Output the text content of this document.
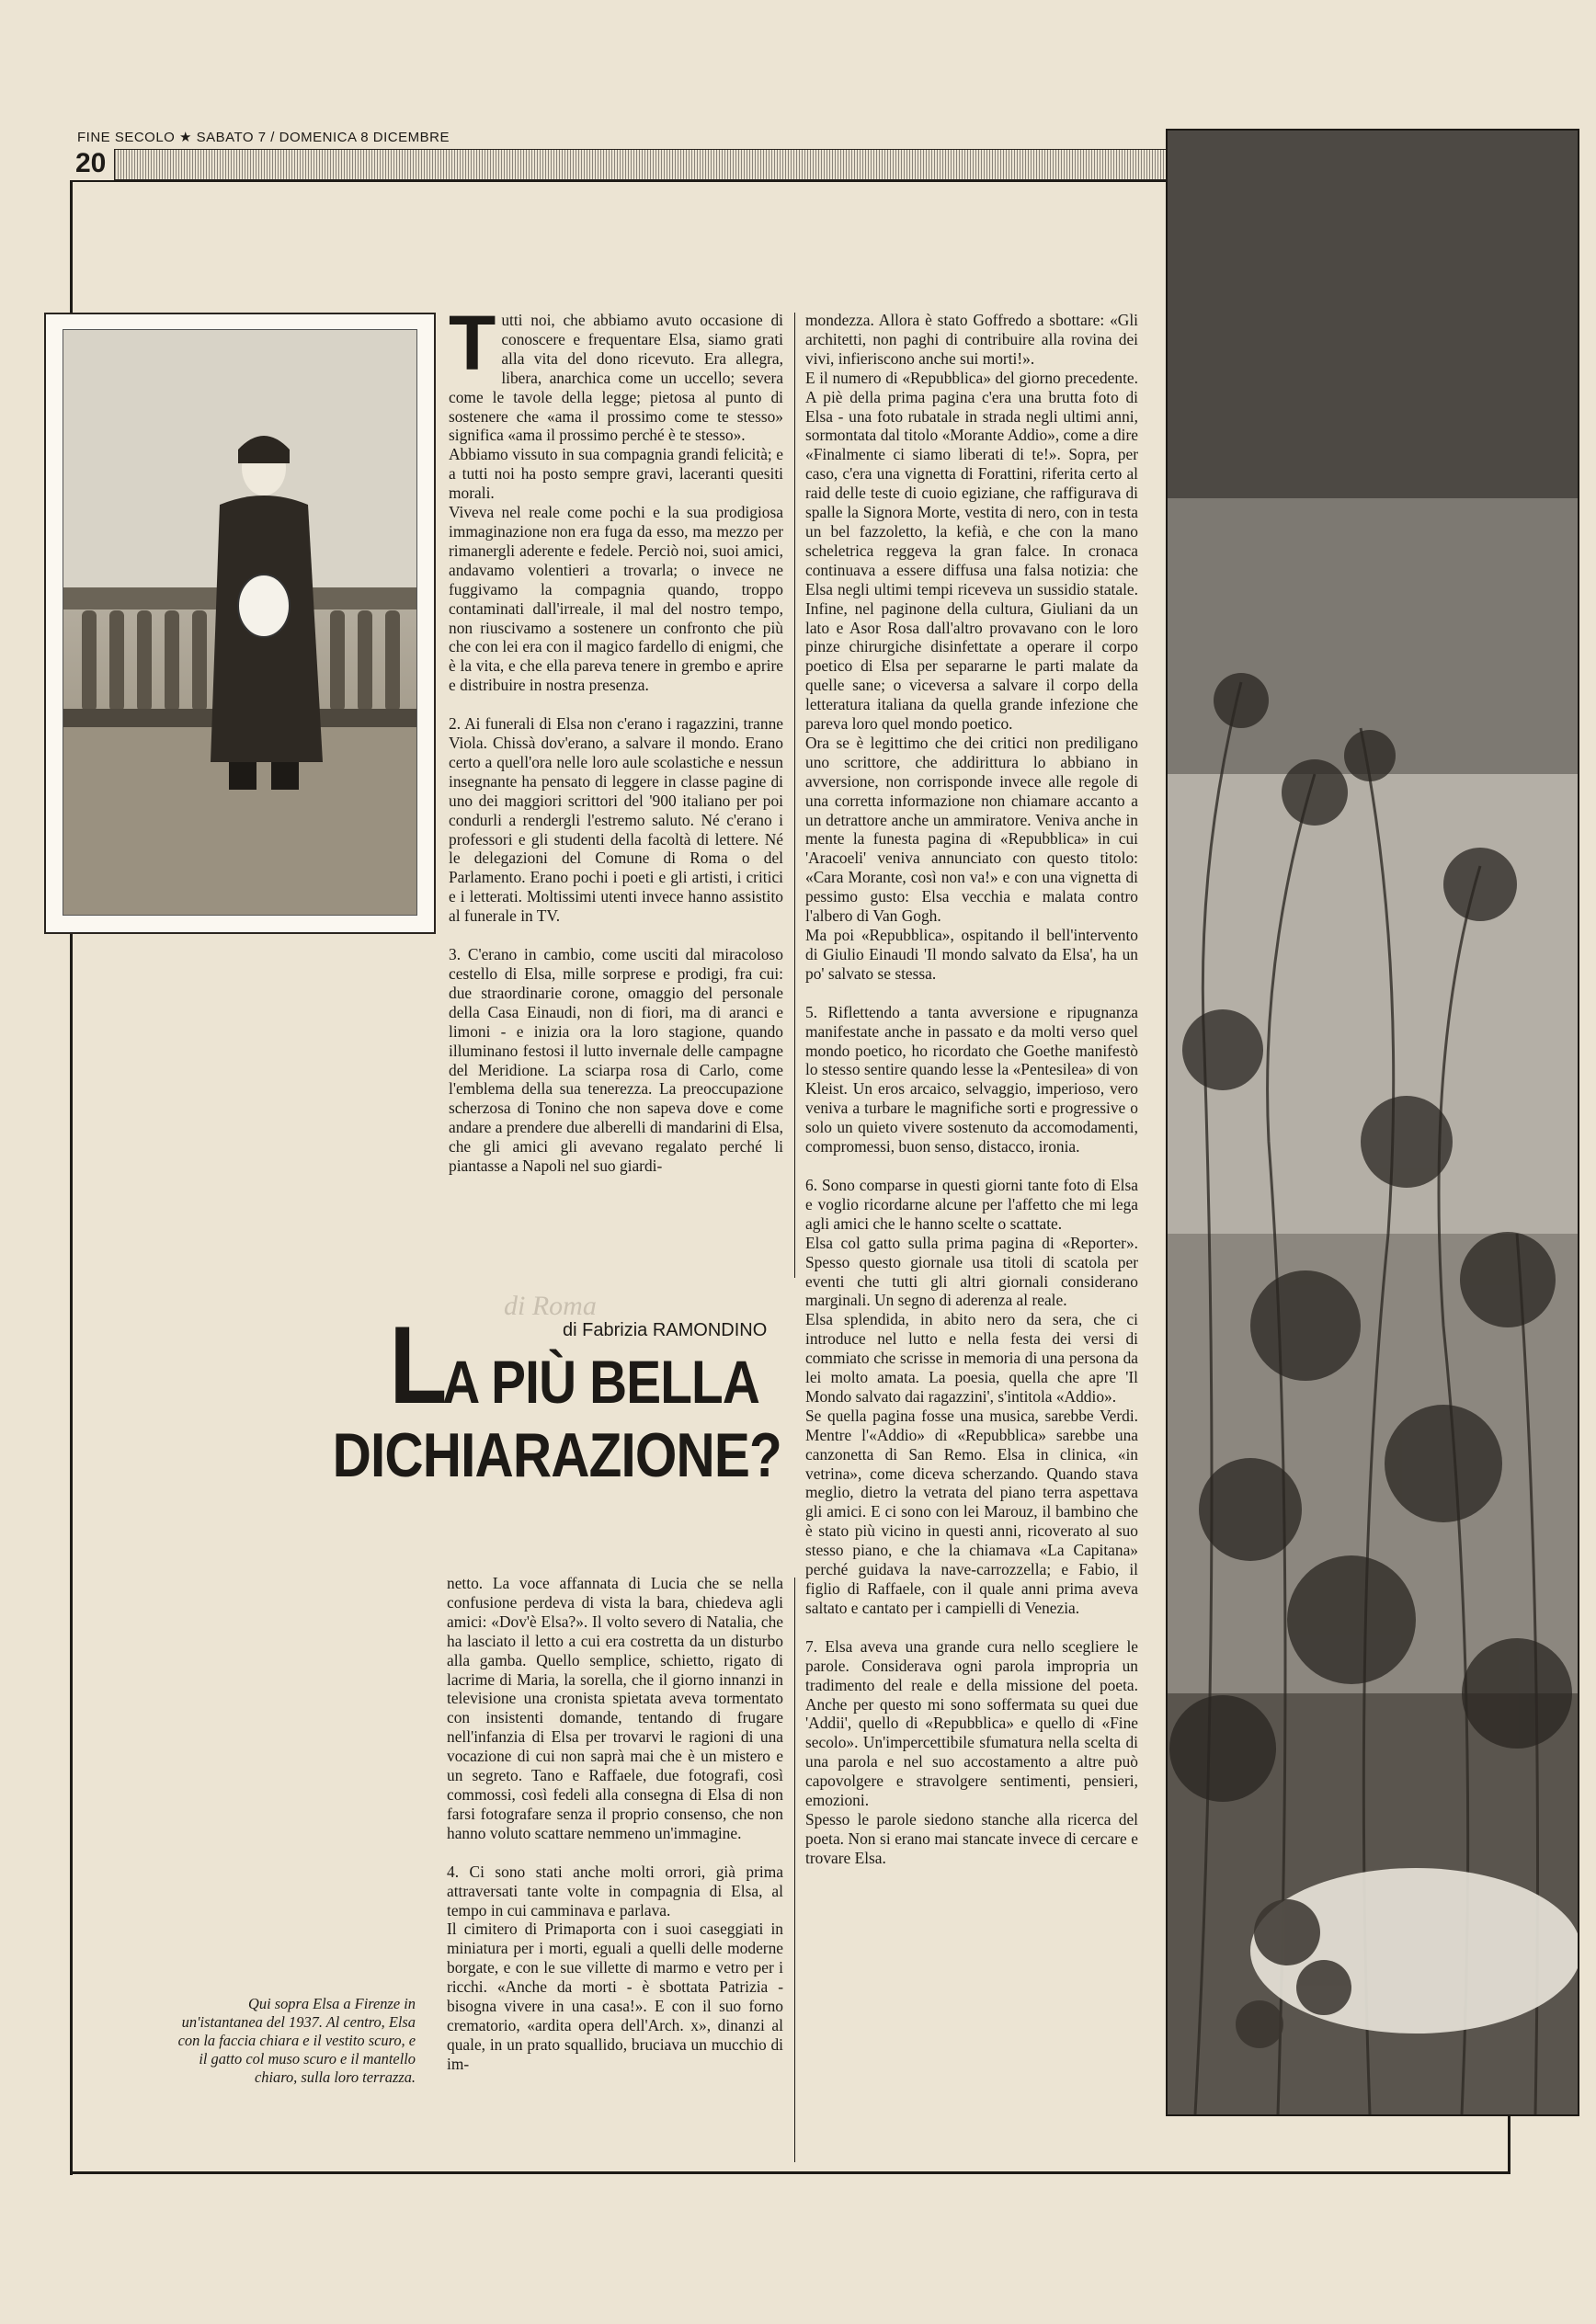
FINE SECOLO ★ SABATO 7 / DOMENICA 8 DICEMBRE
20

Tutti noi, che abbiamo avuto occasione di conoscere e frequentare Elsa, siamo grati alla vita del dono ricevuto. Era allegra, libera, anarchica come un uccello; severa come le tavole della legge; pietosa al punto di sostenere che «ama il prossimo come te stesso» significa «ama il prossimo perché è te stesso».

Abbiamo vissuto in sua compagnia grandi felicità; e a tutti noi ha posto sempre gravi, laceranti quesiti morali.

Viveva nel reale come pochi e la sua prodigiosa immaginazione non era fuga da esso, ma mezzo per rimanergli aderente e fedele. Perciò noi, suoi amici, andavamo volentieri a trovarla; o invece ne fuggivamo la compagnia quando, troppo contaminati dall'irreale, il mal del nostro tempo, non riuscivamo a sostenere un confronto che più che con lei era con il magico fardello di enigmi, che è la vita, e che ella pareva tenere in grembo e aprire e distribuire in nostra presenza.

2. Ai funerali di Elsa non c'erano i ragazzini, tranne Viola. Chissà dov'erano, a salvare il mondo. Erano certo a quell'ora nelle loro aule scolastiche e nessun insegnante ha pensato di leggere in classe pagine di uno dei maggiori scrittori del '900 italiano per poi condurli a rendergli l'estremo saluto. Né c'erano i professori e gli studenti della facoltà di lettere. Né le delegazioni del Comune di Roma o del Parlamento. Erano pochi i poeti e gli artisti, i critici e i letterati. Moltissimi utenti invece hanno assistito al funerale in TV.

3. C'erano in cambio, come usciti dal miracoloso cestello di Elsa, mille sorprese e prodigi, fra cui: due straordinarie corone, omaggio del personale della Casa Einaudi, non di fiori, ma di aranci e limoni - e inizia ora la loro stagione, quando illuminano festosi il lutto invernale delle campagne del Meridione. La sciarpa rosa di Carlo, come l'emblema della sua tenerezza. La preoccupazione scherzosa di Tonino che non sapeva dove e come andare a prendere due alberelli di mandarini di Elsa, che gli amici gli avevano regalato perché li piantasse a Napoli nel suo giardi-

di Roma
di Fabrizia RAMONDINO
LA PIÙ BELLA
DICHIARAZIONE?

netto. La voce affannata di Lucia che se nella confusione perdeva di vista la bara, chiedeva agli amici: «Dov'è Elsa?». Il volto severo di Natalia, che ha lasciato il letto a cui era costretta da un disturbo alla gamba. Quello semplice, schietto, rigato di lacrime di Maria, la sorella, che il giorno innanzi in televisione una cronista spietata aveva tormentato con insistenti domande, tentando di frugare nell'infanzia di Elsa per trovarvi le ragioni di una vocazione di cui non saprà mai che è un mistero e un segreto. Tano e Raffaele, due fotografi, così commossi, così fedeli alla consegna di Elsa di non farsi fotografare senza il proprio consenso, che non hanno voluto scattare nemmeno un'immagine.

4. Ci sono stati anche molti orrori, già prima attraversati tante volte in compagnia di Elsa, al tempo in cui camminava e parlava.

Il cimitero di Primaporta con i suoi caseggiati in miniatura per i morti, eguali a quelli delle moderne borgate, e con le sue villette di marmo e vetro per i ricchi. «Anche da morti - è sbottata Patrizia - bisogna vivere in una casa!». E con il suo forno crematorio, «ardita opera dell'Arch. x», dinanzi al quale, in un prato squallido, bruciava un mucchio di im-

mondezza. Allora è stato Goffredo a sbottare: «Gli architetti, non paghi di contribuire alla rovina dei vivi, infieriscono anche sui morti!».

E il numero di «Repubblica» del giorno precedente. A piè della prima pagina c'era una brutta foto di Elsa - una foto rubatale in strada negli ultimi anni, sormontata dal titolo «Morante Addio», come a dire «Finalmente ci siamo liberati di te!». Sopra, per caso, c'era una vignetta di Forattini, riferita certo al raid delle teste di cuoio egiziane, che raffigurava di spalle la Signora Morte, vestita di nero, con in testa un bel fazzoletto, la kefià, e che con la mano scheletrica reggeva la gran falce. In cronaca continuava a essere diffusa una falsa notizia: che Elsa negli ultimi tempi riceveva un sussidio statale. Infine, nel paginone della cultura, Giuliani da un lato e Asor Rosa dall'altro provavano con le loro pinze chirurgiche disinfettate a operare il corpo poetico di Elsa per separarne le parti malate da quelle sane; o viceversa a salvare il corpo della letteratura italiana da quella grande infezione che pareva loro quel mondo poetico.

Ora se è legittimo che dei critici non prediligano uno scrittore, che addirittura lo abbiano in avversione, non corrisponde invece alle regole di una corretta informazione non chiamare accanto a un detrattore anche un ammiratore. Veniva anche in mente la funesta pagina di «Repubblica» in cui 'Aracoeli' veniva annunciato con questo titolo: «Cara Morante, così non va!» e con una vignetta di pessimo gusto: Elsa vecchia e malata contro l'albero di Van Gogh.

Ma poi «Repubblica», ospitando il bell'intervento di Giulio Einaudi 'Il mondo salvato da Elsa', ha un po' salvato se stessa.

5. Riflettendo a tanta avversione e ripugnanza manifestate anche in passato e da molti verso quel mondo poetico, ho ricordato che Goethe manifestò lo stesso sentire quando lesse la «Pentesilea» di von Kleist. Un eros arcaico, selvaggio, imperioso, vero veniva a turbare le magnifiche sorti e progressive o solo un quieto vivere sostenuto da accomodamenti, compromessi, buon senso, distacco, ironia.

6. Sono comparse in questi giorni tante foto di Elsa e voglio ricordarne alcune per l'affetto che mi lega agli amici che le hanno scelte o scattate.

Elsa col gatto sulla prima pagina di «Reporter». Spesso questo giornale usa titoli di scatola per eventi che tutti gli altri giornali considerano marginali. Un segno di aderenza al reale.

Elsa splendida, in abito nero da sera, che ci introduce nel lutto e nella festa dei versi di commiato che scrisse in memoria di una persona da lei molto amata. La poesia, quella che apre 'Il Mondo salvato dai ragazzini', s'intitola «Addio».

Se quella pagina fosse una musica, sarebbe Verdi. Mentre l'«Addio» di «Repubblica» sarebbe una canzonetta di San Remo. Elsa in clinica, «in vetrina», come diceva scherzando. Quando stava meglio, dietro la vetrata del piano terra aspettava gli amici. E ci sono con lei Marouz, il bambino che è stato più vicino in questi anni, ricoverato al suo stesso piano, e che la chiamava «La Capitana» perché guidava la nave-carrozzella; e Fabio, il figlio di Raffaele, con il quale anni prima aveva saltato e cantato per i campielli di Venezia.

7. Elsa aveva una grande cura nello scegliere le parole. Considerava ogni parola impropria un tradimento del reale e della missione del poeta. Anche per questo mi sono soffermata su quei due 'Addii', quello di «Repubblica» e quello di «Fine secolo». Un'impercettibile sfumatura nella scelta di una parola e nel suo accostamento a altre può capovolgere e stravolgere sentimenti, pensieri, emozioni.

Spesso le parole siedono stanche alla ricerca del poeta. Non si erano mai stancate invece di cercare e trovare Elsa.

Qui sopra Elsa a Firenze in un'istantanea del 1937. Al centro, Elsa con la faccia chiara e il vestito scuro, e il gatto col muso scuro e il mantello chiaro, sulla loro terrazza.
